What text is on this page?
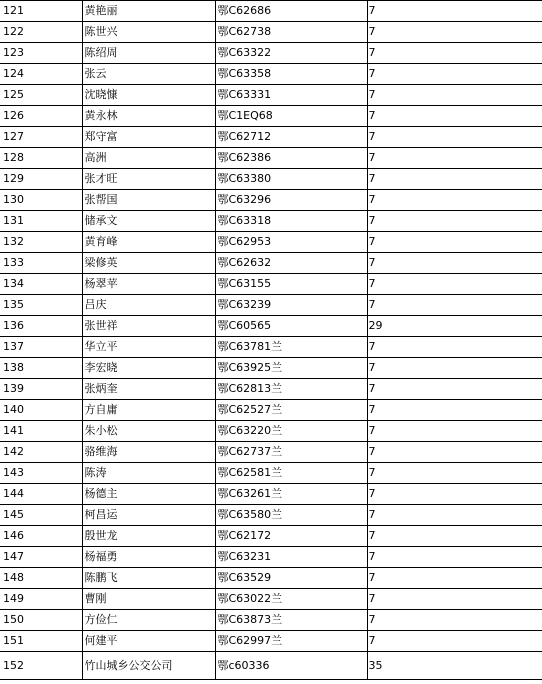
121	黄艳丽	鄂C62686	7
122	陈世兴	鄂C62738	7
123	陈绍周	鄂C63322	7
124	张云	鄂C63358	7
125	沈晓慷	鄂C63331	7
126	黄永林	鄂C1EQ68	7
127	郑守富	鄂C62712	7
128	高洲	鄂C62386	7
129	张才旺	鄂C63380	7
130	张帮国	鄂C63296	7
131	储承文	鄂C63318	7
132	黄育峰	鄂C62953	7
133	梁修英	鄂C62632	7
134	杨翠苹	鄂C63155	7
135	吕庆	鄂C63239	7
136	张世祥	鄂C60565	29
137	华立平	鄂C63781兰	7
138	李宏晓	鄂C63925兰	7
139	张炳奎	鄂C62813兰	7
140	方自庸	鄂C62527兰	7
141	朱小松	鄂C63220兰	7
142	骆维海	鄂C62737兰	7
143	陈涛	鄂C62581兰	7
144	杨德主	鄂C63261兰	7
145	柯昌运	鄂C63580兰	7
146	殷世龙	鄂C62172	7
147	杨福勇	鄂C63231	7
148	陈鹏飞	鄂C63529	7
149	曹刚	鄂C63022兰	7
150	方俭仁	鄂C63873兰	7
151	何建平	鄂C62997兰	7
152	竹山城乡公交公司	鄂c60336	35
